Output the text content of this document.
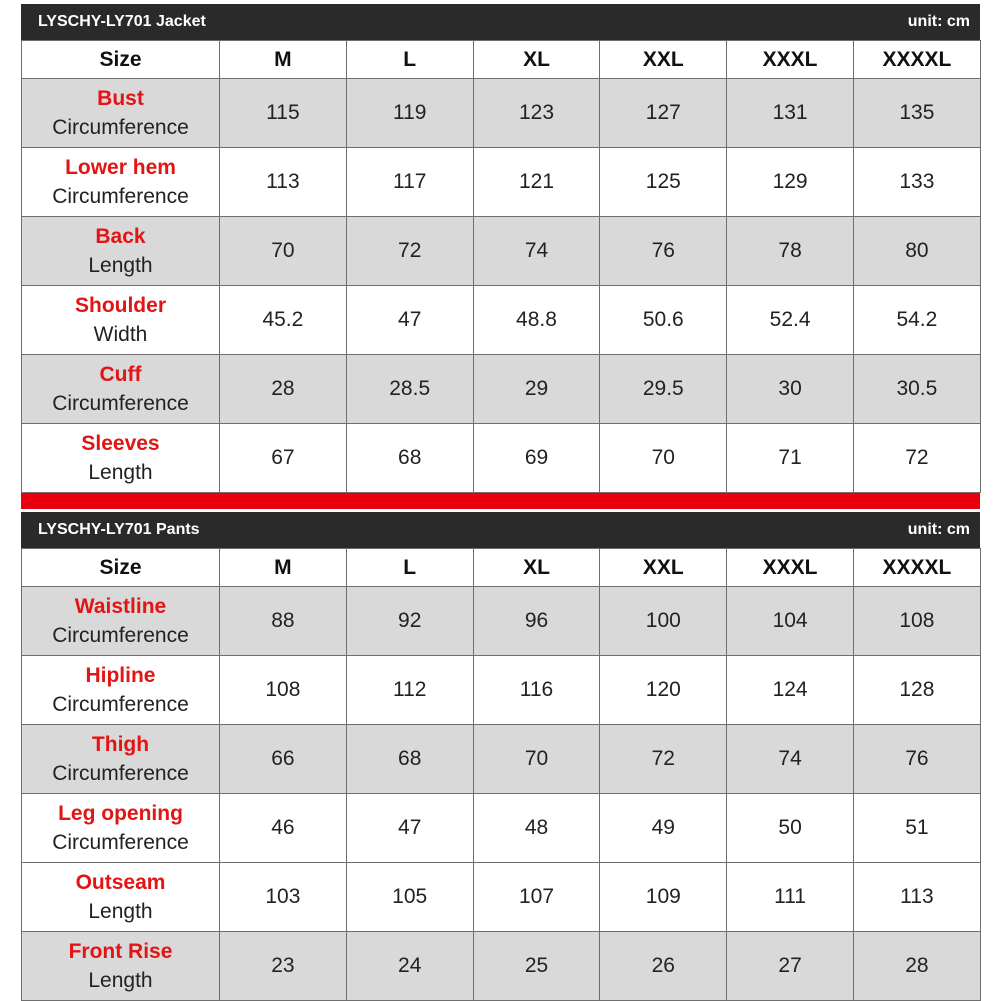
LYSCHY-LY701 Jacket	unit: cm
Size	M	L	XL	XXL	XXXL	XXXXL

Bust
Circumference	115	119	123	127	131	135

Lower hem
Circumference	113	117	121	125	129	133

Back
Length	70	72	74	76	78	80

Shoulder
Width	45.2	47	48.8	50.6	52.4	54.2

Cuff
Circumference	28	28.5	29	29.5	30	30.5

Sleeves
Length	67	68	69	70	71	72
LYSCHY-LY701 Pants	unit: cm
Size	M	L	XL	XXL	XXXL	XXXXL

Waistline
Circumference	88	92	96	100	104	108

Hipline
Circumference	108	112	116	120	124	128

Thigh
Circumference	66	68	70	72	74	76

Leg opening
Circumference	46	47	48	49	50	51

Outseam
Length	103	105	107	109	111	113

Front Rise
Length	23	24	25	26	27	28
